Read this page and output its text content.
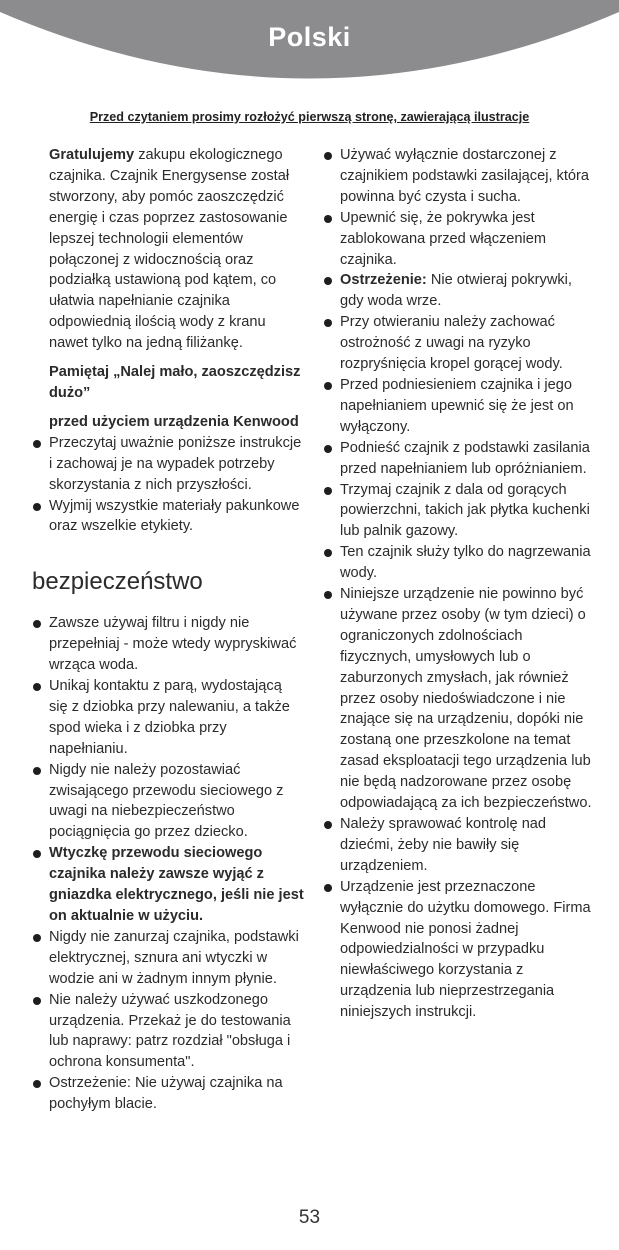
Polski
Przed czytaniem prosimy rozłożyć pierwszą stronę, zawierającą ilustracje

Gratulujemy zakupu ekologicznego czajnika. Czajnik Energysense został stworzony, aby pomóc zaoszczędzić energię i czas poprzez zastosowanie lepszej technologii elementów połączonej z widocznością oraz podziałką ustawioną pod kątem, co ułatwia napełnianie czajnika odpowiednią ilością wody z kranu nawet tylko na jedną filiżankę.

Pamiętaj „Nalej mało, zaoszczędzisz dużo”

przed użyciem urządzenia Kenwood

Przeczytaj uważnie poniższe instrukcje i zachowaj je na wypadek potrzeby skorzystania z nich przyszłości.
Wyjmij wszystkie materiały pakunkowe oraz wszelkie etykiety.
bezpieczeństwo
Zawsze używaj filtru i nigdy nie przepełniaj - może wtedy wypryskiwać wrząca woda.
Unikaj kontaktu z parą, wydostającą się z dziobka przy nalewaniu, a także spod wieka i z dziobka przy napełnianiu.
Nigdy nie należy pozostawiać zwisającego przewodu sieciowego z uwagi na niebezpieczeństwo pociągnięcia go przez dziecko.
Wtyczkę przewodu sieciowego czajnika należy zawsze wyjąć z gniazdka elektrycznego, jeśli nie jest on aktualnie w użyciu.
Nigdy nie zanurzaj czajnika, podstawki elektrycznej, sznura ani wtyczki w wodzie ani w żadnym innym płynie.
Nie należy używać uszkodzonego urządzenia. Przekaż je do testowania lub naprawy: patrz rozdział "obsługa i ochrona konsumenta".
Ostrzeżenie: Nie używaj czajnika na pochyłym blacie.
Używać wyłącznie dostarczonej z czajnikiem podstawki zasilającej, która powinna być czysta i sucha.
Upewnić się, że pokrywka jest zablokowana przed włączeniem czajnika.
Ostrzeżenie: Nie otwieraj pokrywki, gdy woda wrze.
Przy otwieraniu należy zachować ostrożność z uwagi na ryzyko rozpryśnięcia kropel gorącej wody.
Przed podniesieniem czajnika i jego napełnianiem upewnić się że jest on wyłączony.
Podnieść czajnik z podstawki zasilania przed napełnianiem lub opróżnianiem.
Trzymaj czajnik z dala od gorących powierzchni, takich jak płytka kuchenki lub palnik gazowy.
Ten czajnik służy tylko do nagrzewania wody.
Niniejsze urządzenie nie powinno być używane przez osoby (w tym dzieci) o ograniczonych zdolnościach fizycznych, umysłowych lub o zaburzonych zmysłach, jak również przez osoby niedoświadczone i nie znające się na urządzeniu, dopóki nie zostaną one przeszkolone na temat zasad eksploatacji tego urządzenia lub nie będą nadzorowane przez osobę odpowiadającą za ich bezpieczeństwo.
Należy sprawować kontrolę nad dziećmi, żeby nie bawiły się urządzeniem.
Urządzenie jest przeznaczone wyłącznie do użytku domowego. Firma Kenwood nie ponosi żadnej odpowiedzialności w przypadku niewłaściwego korzystania z urządzenia lub nieprzestrzegania niniejszych instrukcji.
53
